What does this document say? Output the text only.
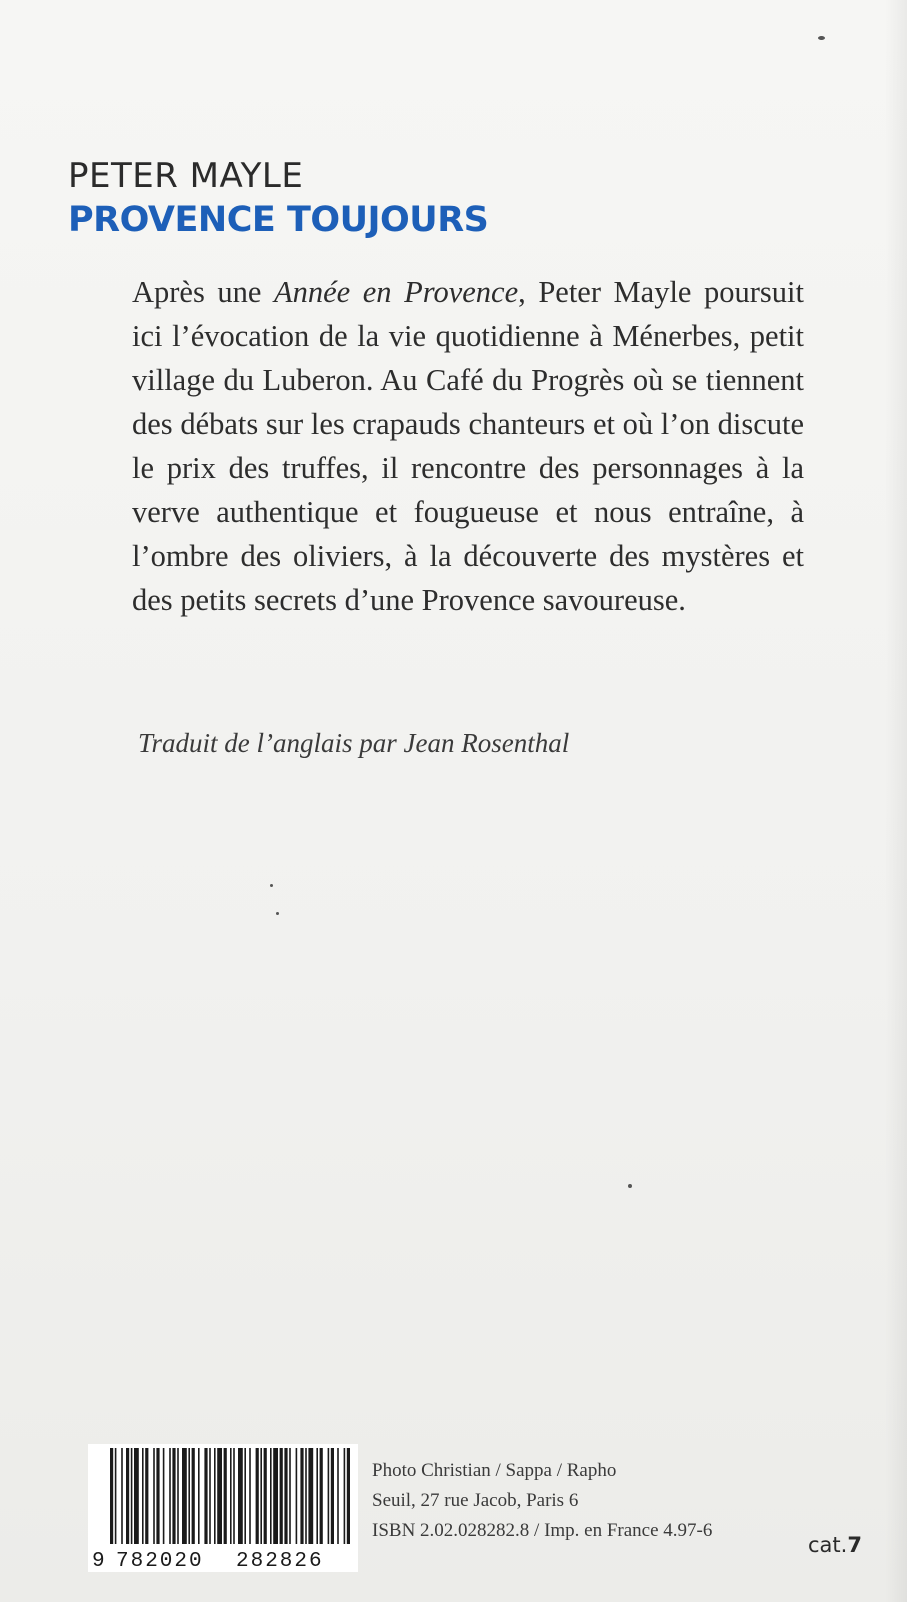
PETER MAYLE
PROVENCE TOUJOURS

Après une Année en Provence, Peter Mayle poursuit ici l’évocation de la vie quotidienne à Ménerbes, petit village du Luberon. Au Café du Progrès où se tiennent des débats sur les crapauds chanteurs et où l’on discute le prix des truffes, il rencontre des personnages à la verve authentique et fougueuse et nous entraîne, à l’ombre des oliviers, à la découverte des mystères et des petits secrets d’une Provence savoureuse.

Traduit de l’anglais par Jean Rosenthal
9 782020 282826
Photo Christian / Sappa / Rapho
Seuil, 27 rue Jacob, Paris 6
ISBN 2.02.028282.8 / Imp. en France 4.97-6
cat.7
